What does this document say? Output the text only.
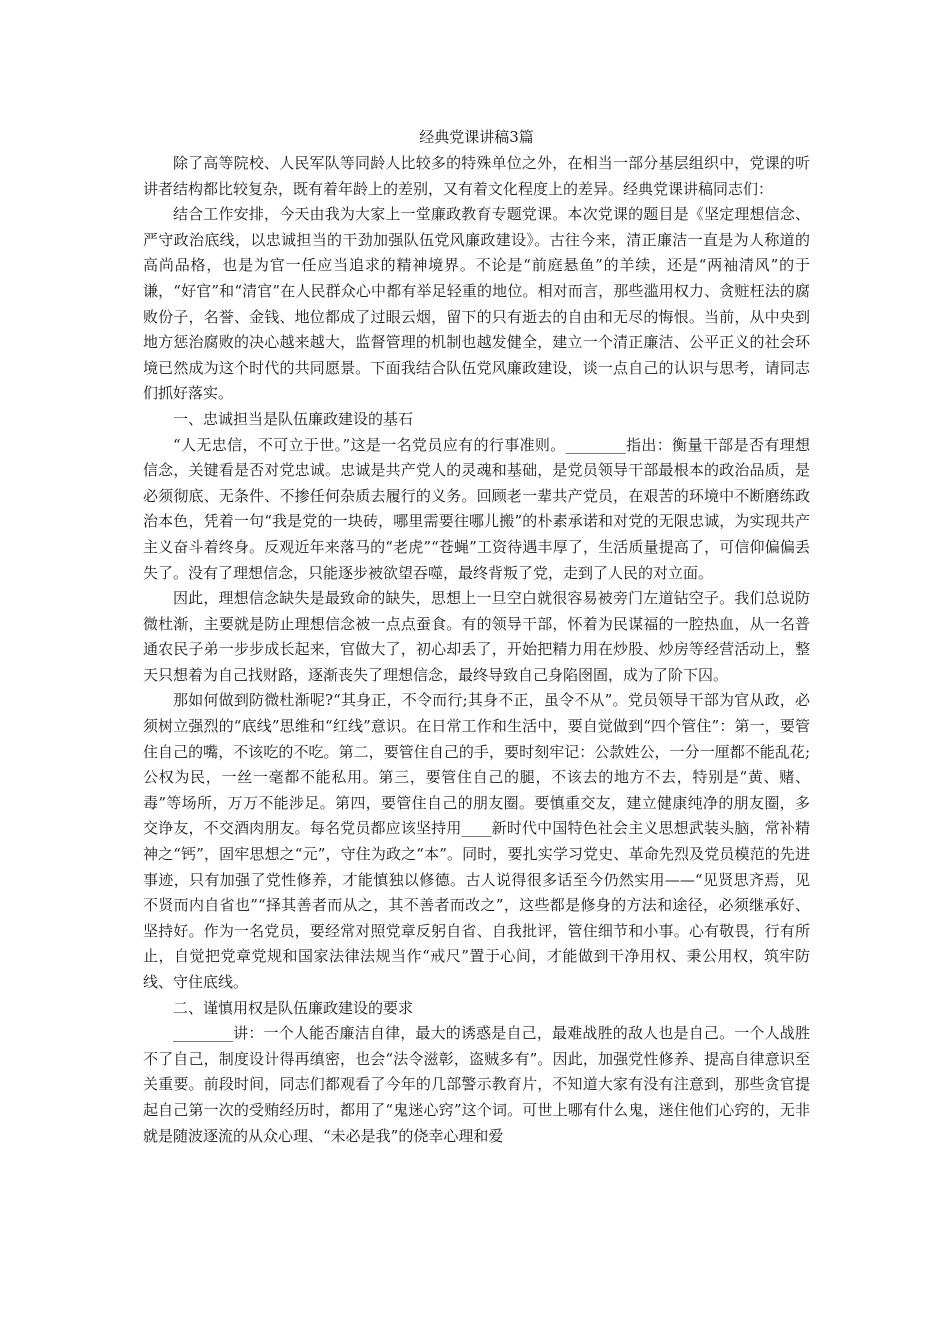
经典党课讲稿3篇

除了高等院校、人民军队等同龄人比较多的特殊单位之外，在相当一部分基层组织中，党课的听讲者结构都比较复杂，既有着年龄上的差别，又有着文化程度上的差异。经典党课讲稿同志们：

结合工作安排，今天由我为大家上一堂廉政教育专题党课。本次党课的题目是《坚定理想信念、严守政治底线，以忠诚担当的干劲加强队伍党风廉政建设》。古往今来，清正廉洁一直是为人称道的高尚品格，也是为官一任应当追求的精神境界。不论是“前庭悬鱼”的羊续，还是“两袖清风”的于谦，“好官”和“清官”在人民群众心中都有举足轻重的地位。相对而言，那些滥用权力、贪赃枉法的腐败份子，名誉、金钱、地位都成了过眼云烟，留下的只有逝去的自由和无尽的悔恨。当前，从中央到地方惩治腐败的决心越来越大，监督管理的机制也越发健全，建立一个清正廉洁、公平正义的社会环境已然成为这个时代的共同愿景。下面我结合队伍党风廉政建设，谈一点自己的认识与思考，请同志们抓好落实。

一、忠诚担当是队伍廉政建设的基石

“人无忠信，不可立于世。”这是一名党员应有的行事准则。________指出：衡量干部是否有理想信念，关键看是否对党忠诚。忠诚是共产党人的灵魂和基础，是党员领导干部最根本的政治品质，是必须彻底、无条件、不掺任何杂质去履行的义务。回顾老一辈共产党员，在艰苦的环境中不断磨练政治本色，凭着一句“我是党的一块砖，哪里需要往哪儿搬”的朴素承诺和对党的无限忠诚，为实现共产主义奋斗着终身。反观近年来落马的“老虎”“苍蝇”工资待遇丰厚了，生活质量提高了，可信仰偏偏丢失了。没有了理想信念，只能逐步被欲望吞噬，最终背叛了党，走到了人民的对立面。

因此，理想信念缺失是最致命的缺失，思想上一旦空白就很容易被旁门左道钻空子。我们总说防微杜渐，主要就是防止理想信念被一点点蚕食。有的领导干部，怀着为民谋福的一腔热血，从一名普通农民子弟一步步成长起来，官做大了，初心却丢了，开始把精力用在炒股、炒房等经营活动上，整天只想着为自己找财路，逐渐丧失了理想信念，最终导致自己身陷囹圄，成为了阶下囚。

那如何做到防微杜渐呢?“其身正，不令而行;其身不正，虽令不从”。党员领导干部为官从政，必须树立强烈的“底线”思维和“红线”意识。在日常工作和生活中，要自觉做到“四个管住”：第一，要管住自己的嘴，不该吃的不吃。第二，要管住自己的手，要时刻牢记：公款姓公，一分一厘都不能乱花;公权为民，一丝一毫都不能私用。第三，要管住自己的腿，不该去的地方不去，特别是“黄、赌、毒”等场所，万万不能涉足。第四，要管住自己的朋友圈。要慎重交友，建立健康纯净的朋友圈，多交诤友，不交酒肉朋友。每名党员都应该坚持用____新时代中国特色社会主义思想武装头脑，常补精神之“钙”，固牢思想之“元”，守住为政之“本”。同时，要扎实学习党史、革命先烈及党员模范的先进事迹，只有加强了党性修养，才能慎独以修德。古人说得很多话至今仍然实用——“见贤思齐焉，见不贤而内自省也”“择其善者而从之，其不善者而改之”，这些都是修身的方法和途径，必须继承好、坚持好。作为一名党员，要经常对照党章反躬自省、自我批评，管住细节和小事。心有敬畏，行有所止，自觉把党章党规和国家法律法规当作“戒尺”置于心间，才能做到干净用权、秉公用权，筑牢防线、守住底线。

二、谨慎用权是队伍廉政建设的要求

________讲：一个人能否廉洁自律，最大的诱惑是自己，最难战胜的敌人也是自己。一个人战胜不了自己，制度设计得再缜密，也会“法令滋彰，盗贼多有”。因此，加强党性修养、提高自律意识至关重要。前段时间，同志们都观看了今年的几部警示教育片，不知道大家有没有注意到，那些贪官提起自己第一次的受贿经历时，都用了“鬼迷心窍”这个词。可世上哪有什么鬼，迷住他们心窍的，无非就是随波逐流的从众心理、“未必是我”的侥幸心理和爱
